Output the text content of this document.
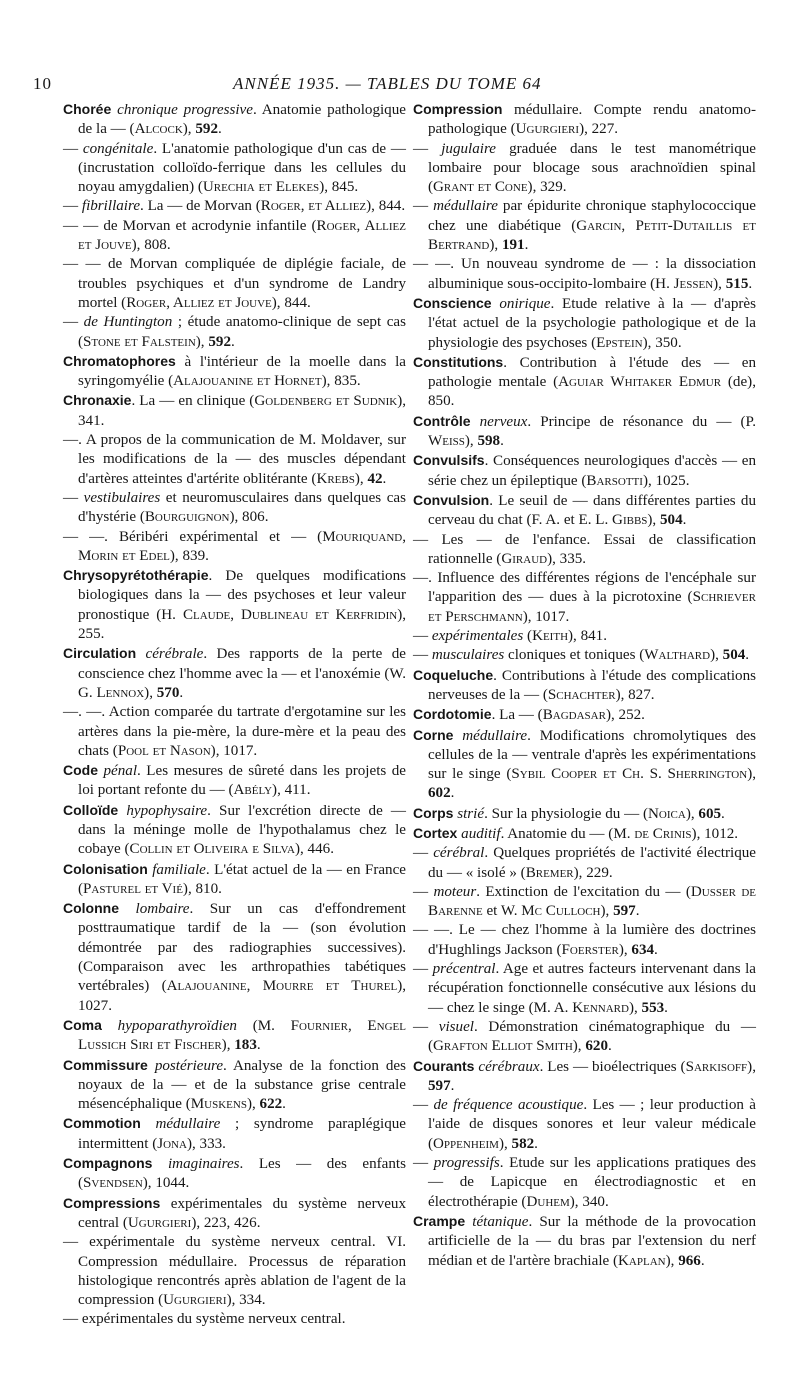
10	ANNÉE 1935. — TABLES DU TOME 64

Chorée chronique progressive. Anatomie pathologique de la — (Alcock), 592.

— congénitale. L'anatomie pathologique d'un cas de — (incrustation colloïdo-ferrique dans les cellules du noyau amygdalien) (Urechia et Elekes), 845.

— fibrillaire. La — de Morvan (Roger, et Alliez), 844.

— — de Morvan et acrodynie infantile (Roger, Alliez et Jouve), 808.

— — de Morvan compliquée de diplégie faciale, de troubles psychiques et d'un syndrome de Landry mortel (Roger, Alliez et Jouve), 844.

— de Huntington ; étude anatomo-clinique de sept cas (Stone et Falstein), 592.

Chromatophores à l'intérieur de la moelle dans la syringomyélie (Alajouanine et Hornet), 835.

Chronaxie. La — en clinique (Goldenberg et Sudnik), 341.

—. A propos de la communication de M. Moldaver, sur les modifications de la — des muscles dépendant d'artères atteintes d'artérite oblitérante (Krebs), 42.

— vestibulaires et neuromusculaires dans quelques cas d'hystérie (Bourguignon), 806.

— —. Béribéri expérimental et — (Mouriquand, Morin et Edel), 839.

Chrysopyrétothérapie. De quelques modifications biologiques dans la — des psychoses et leur valeur pronostique (H. Claude, Dublineau et Kerfridin), 255.

Circulation cérébrale. Des rapports de la perte de conscience chez l'homme avec la — et l'anoxémie (W. G. Lennox), 570.

—. —. Action comparée du tartrate d'ergotamine sur les artères dans la pie-mère, la dure-mère et la peau des chats (Pool et Nason), 1017.

Code pénal. Les mesures de sûreté dans les projets de loi portant refonte du — (Abély), 411.

Colloïde hypophysaire. Sur l'excrétion directe de — dans la méninge molle de l'hypothalamus chez le cobaye (Collin et Oliveira e Silva), 446.

Colonisation familiale. L'état actuel de la — en France (Pasturel et Vié), 810.

Colonne lombaire. Sur un cas d'effondrement posttraumatique tardif de la — (son évolution démontrée par des radiographies successives). (Comparaison avec les arthropathies tabétiques vertébrales) (Alajouanine, Mourre et Thurel), 1027.

Coma hypoparathyroïdien (M. Fournier, Engel Lussich Siri et Fischer), 183.

Commissure postérieure. Analyse de la fonction des noyaux de la — et de la substance grise centrale mésencéphalique (Muskens), 622.

Commotion médullaire ; syndrome paraplégique intermittent (Jona), 333.

Compagnons imaginaires. Les — des enfants (Svendsen), 1044.

Compressions expérimentales du système nerveux central (Ugurgieri), 223, 426.

— expérimentale du système nerveux central. VI. Compression médullaire. Processus de réparation histologique rencontrés après ablation de l'agent de la compression (Ugurgieri), 334.

— expérimentales du système nerveux central.

Compression médullaire. Compte rendu anatomo-pathologique (Ugurgieri), 227.

— jugulaire graduée dans le test manométrique lombaire pour blocage sous arachnoïdien spinal (Grant et Cone), 329.

— médullaire par épidurite chronique staphylococcique chez une diabétique (Garcin, Petit-Dutaillis et Bertrand), 191.

— —. Un nouveau syndrome de — : la dissociation albuminique sous-occipito-lombaire (H. Jessen), 515.

Conscience onirique. Etude relative à la — d'après l'état actuel de la psychologie pathologique et de la physiologie des psychoses (Epstein), 350.

Constitutions. Contribution à l'étude des — en pathologie mentale (Aguiar Whitaker Edmur (de), 850.

Contrôle nerveux. Principe de résonance du — (P. Weiss), 598.

Convulsifs. Conséquences neurologiques d'accès — en série chez un épileptique (Barsotti), 1025.

Convulsion. Le seuil de — dans différentes parties du cerveau du chat (F. A. et E. L. Gibbs), 504.

— Les — de l'enfance. Essai de classification rationnelle (Giraud), 335.

—. Influence des différentes régions de l'encéphale sur l'apparition des — dues à la picrotoxine (Schriever et Perschmann), 1017.

— expérimentales (Keith), 841.

— musculaires cloniques et toniques (Walthard), 504.

Coqueluche. Contributions à l'étude des complications nerveuses de la — (Schachter), 827.

Cordotomie. La — (Bagdasar), 252.

Corne médullaire. Modifications chromolytiques des cellules de la — ventrale d'après les expérimentations sur le singe (Sybil Cooper et Ch. S. Sherrington), 602.

Corps strié. Sur la physiologie du — (Noica), 605.

Cortex auditif. Anatomie du — (M. de Crinis), 1012.

— cérébral. Quelques propriétés de l'activité électrique du — « isolé » (Bremer), 229.

— moteur. Extinction de l'excitation du — (Dusser de Barenne et W. Mc Culloch), 597.

— —. Le — chez l'homme à la lumière des doctrines d'Hughlings Jackson (Foerster), 634.

— précentral. Age et autres facteurs intervenant dans la récupération fonctionnelle consécutive aux lésions du — chez le singe (M. A. Kennard), 553.

— visuel. Démonstration cinématographique du — (Grafton Elliot Smith), 620.

Courants cérébraux. Les — bioélectriques (Sarkisoff), 597.

— de fréquence acoustique. Les — ; leur production à l'aide de disques sonores et leur valeur médicale (Oppenheim), 582.

— progressifs. Etude sur les applications pratiques des — de Lapicque en électrodiagnostic et en électrothérapie (Duhem), 340.

Crampe tétanique. Sur la méthode de la provocation artificielle de la — du bras par l'extension du nerf médian et de l'artère brachiale (Kaplan), 966.
